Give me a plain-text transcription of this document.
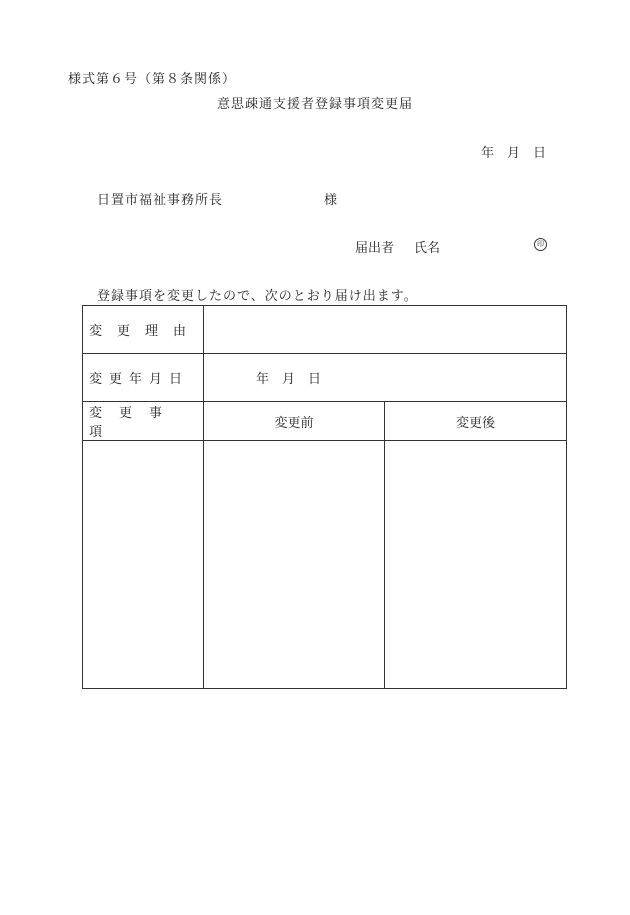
様式第６号（第８条関係）
意思疎通支援者登録事項変更届
年　月　日
日置市福祉事務所長	様
届出者 氏名	印
登録事項を変更したので、次のとおり届け出ます。
変更理由		
変更年月日	年　月　日	
変更事項	変更前	変更後
